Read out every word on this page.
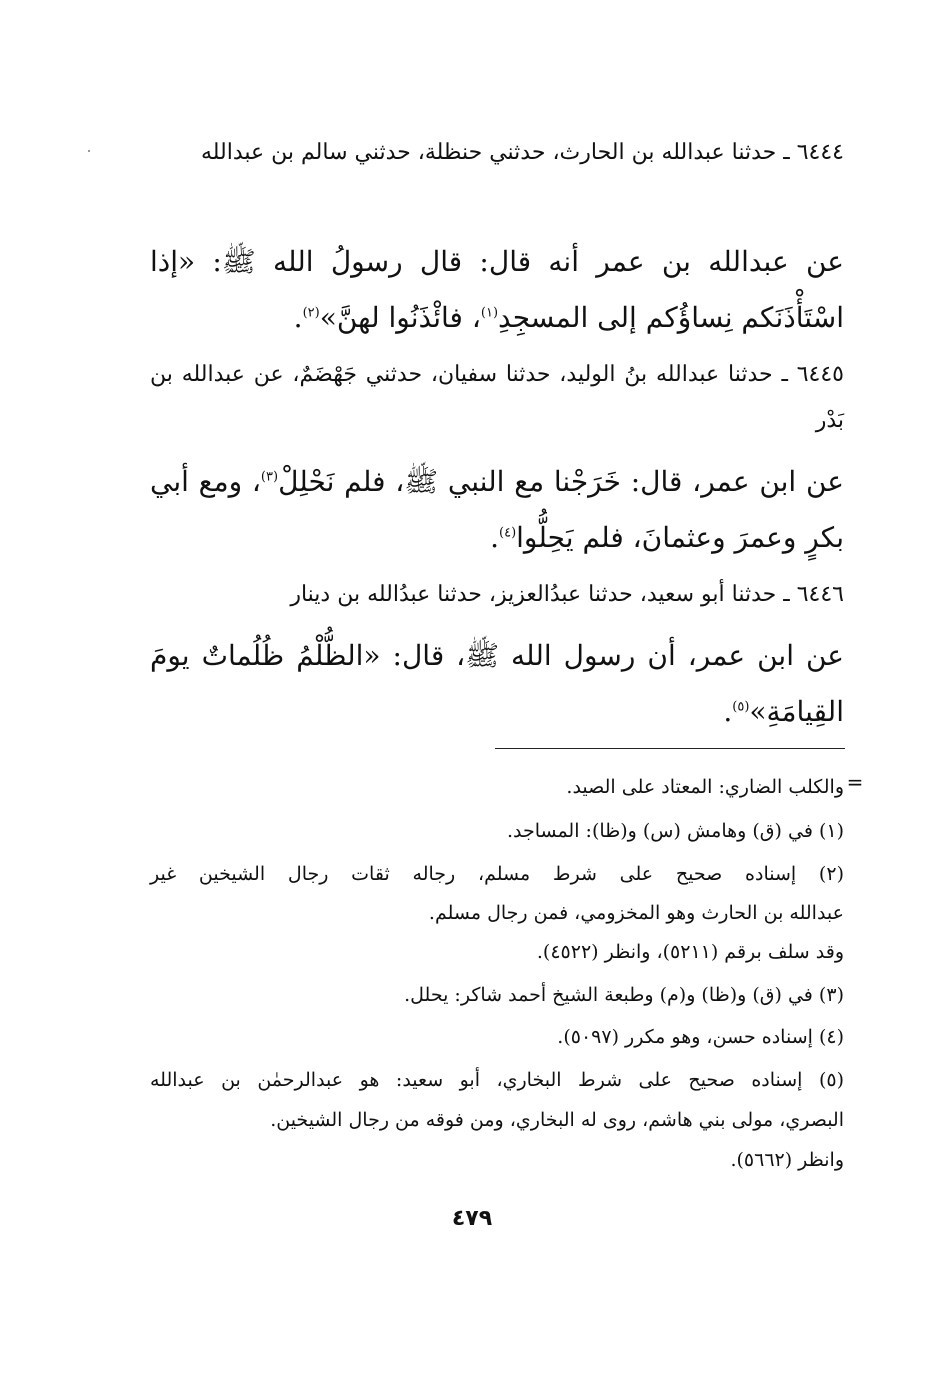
٦٤٤٤ ـ حدثنا عبدالله بن الحارث، حدثني حنظلة، حدثني سالم بن عبدالله
عن عبدالله بن عمر أنه قال: قال رسولُ الله ﷺ: «إذا اسْتَأْذَنَكم نِساؤُكم إلى المسجِدِ$^{(١)}$، فائْذَنُوا لهنَّ»$^{(٢)}$.
٦٤٤٥ ـ حدثنا عبدالله بنُ الوليد، حدثنا سفيان، حدثني جَهْضَمٌ، عن عبدالله بن بَدْر
عن ابن عمر، قال: خَرَجْنا مع النبي ﷺ، فلم نَحْلِلْ$^{(٣)}$، ومع أبي بكرٍ وعمرَ وعثمانَ، فلم يَحِلُّوا$^{(٤)}$.
٦٤٤٦ ـ حدثنا أبو سعيد، حدثنا عبدُالعزيز، حدثنا عبدُالله بن دينار
عن ابن عمر، أن رسول الله ﷺ، قال: «الظُّلْمُ ظُلُماتٌ يومَ القِيامَةِ»$^{(٥)}$.
=
والكلب الضاري: المعتاد على الصيد.
(١) في (ق) وهامش (س) و(ظا): المساجد.
(٢) إسناده صحيح على شرط مسلم، رجاله ثقات رجال الشيخين غير
عبدالله بن الحارث وهو المخزومي، فمن رجال مسلم.
وقد سلف برقم (٥٢١١)، وانظر (٤٥٢٢).
(٣) في (ق) و(ظا) و(م) وطبعة الشيخ أحمد شاكر: يحلل.
(٤) إسناده حسن، وهو مكرر (٥٠٩٧).
(٥) إسناده صحيح على شرط البخاري، أبو سعيد: هو عبدالرحمٰن بن عبدالله
البصري، مولى بني هاشم، روى له البخاري، ومن فوقه من رجال الشيخين.
وانظر (٥٦٦٢).
٤٧٩
